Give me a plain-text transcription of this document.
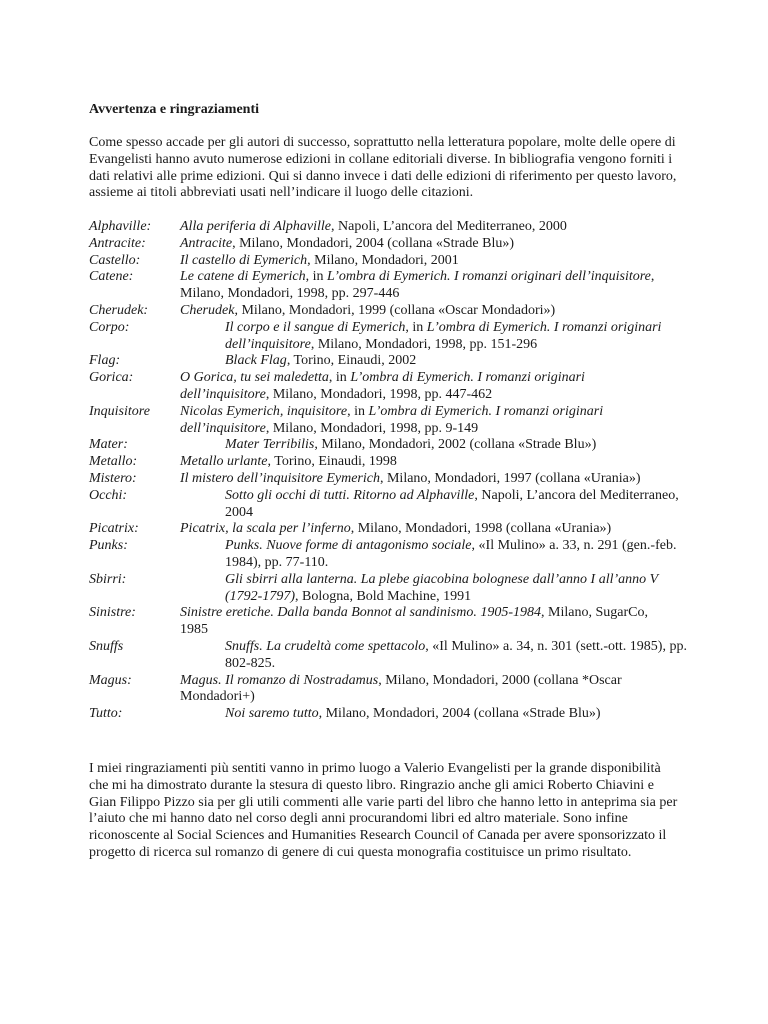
Avvertenza e ringraziamenti

Come spesso accade per gli autori di successo, soprattutto nella letteratura popolare, molte delle opere di Evangelisti hanno avuto numerose edizioni in collane editoriali diverse. In bibliografia vengono forniti i dati relativi alle prime edizioni. Qui si danno invece i dati delle edizioni di riferimento per questo lavoro, assieme ai titoli abbreviati usati nell’indicare il luogo delle citazioni.

Alphaville:	Alla periferia di Alphaville, Napoli, L’ancora del Mediterraneo, 2000
Antracite:	Antracite, Milano, Mondadori, 2004 (collana «Strade Blu»)
Castello:	Il castello di Eymerich, Milano, Mondadori, 2001
Catene:	Le catene di Eymerich, in L’ombra di Eymerich. I romanzi originari dell’inquisitore, Milano, Mondadori, 1998, pp. 297-446
Cherudek:	Cherudek, Milano, Mondadori, 1999 (collana «Oscar Mondadori»)
Corpo:	Il corpo e il sangue di Eymerich, in L’ombra di Eymerich. I romanzi originari dell’inquisitore, Milano, Mondadori, 1998, pp. 151-296
Flag:	Black Flag, Torino, Einaudi, 2002
Gorica:	O Gorica, tu sei maledetta, in L’ombra di Eymerich. I romanzi originari dell’inquisitore, Milano, Mondadori, 1998, pp. 447-462
Inquisitore	Nicolas Eymerich, inquisitore, in L’ombra di Eymerich. I romanzi originari dell’inquisitore, Milano, Mondadori, 1998, pp. 9-149
Mater:	Mater Terribilis, Milano, Mondadori, 2002 (collana «Strade Blu»)
Metallo:	Metallo urlante, Torino, Einaudi, 1998
Mistero:	Il mistero dell’inquisitore Eymerich, Milano, Mondadori, 1997 (collana «Urania»)
Occhi:	Sotto gli occhi di tutti. Ritorno ad Alphaville, Napoli, L’ancora del Mediterraneo, 2004
Picatrix:	Picatrix, la scala per l’inferno, Milano, Mondadori, 1998 (collana «Urania»)
Punks:	Punks. Nuove forme di antagonismo sociale, «Il Mulino» a. 33, n. 291 (gen.-feb. 1984), pp. 77-110.
Sbirri:	Gli sbirri alla lanterna. La plebe giacobina bolognese dall’anno I all’anno V (1792-1797), Bologna, Bold Machine, 1991
Sinistre:	Sinistre eretiche. Dalla banda Bonnot al sandinismo. 1905-1984, Milano, SugarCo, 1985
Snuffs	Snuffs. La crudeltà come spettacolo, «Il Mulino» a. 34, n. 301 (sett.-ott. 1985), pp. 802-825.
Magus:	Magus. Il romanzo di Nostradamus, Milano, Mondadori, 2000 (collana *Oscar Mondadori+)
Tutto:	Noi saremo tutto, Milano, Mondadori, 2004 (collana «Strade Blu»)

I miei ringraziamenti più sentiti vanno in primo luogo a Valerio Evangelisti per la grande disponibilità che mi ha dimostrato durante la stesura di questo libro. Ringrazio anche gli amici Roberto Chiavini e Gian Filippo Pizzo sia per gli utili commenti alle varie parti del libro che hanno letto in anteprima sia per l’aiuto che mi hanno dato nel corso degli anni procurandomi libri ed altro materiale. Sono infine riconoscente al Social Sciences and Humanities Research Council of Canada per avere sponsorizzato il progetto di ricerca sul romanzo di genere di cui questa monografia costituisce un primo risultato.
